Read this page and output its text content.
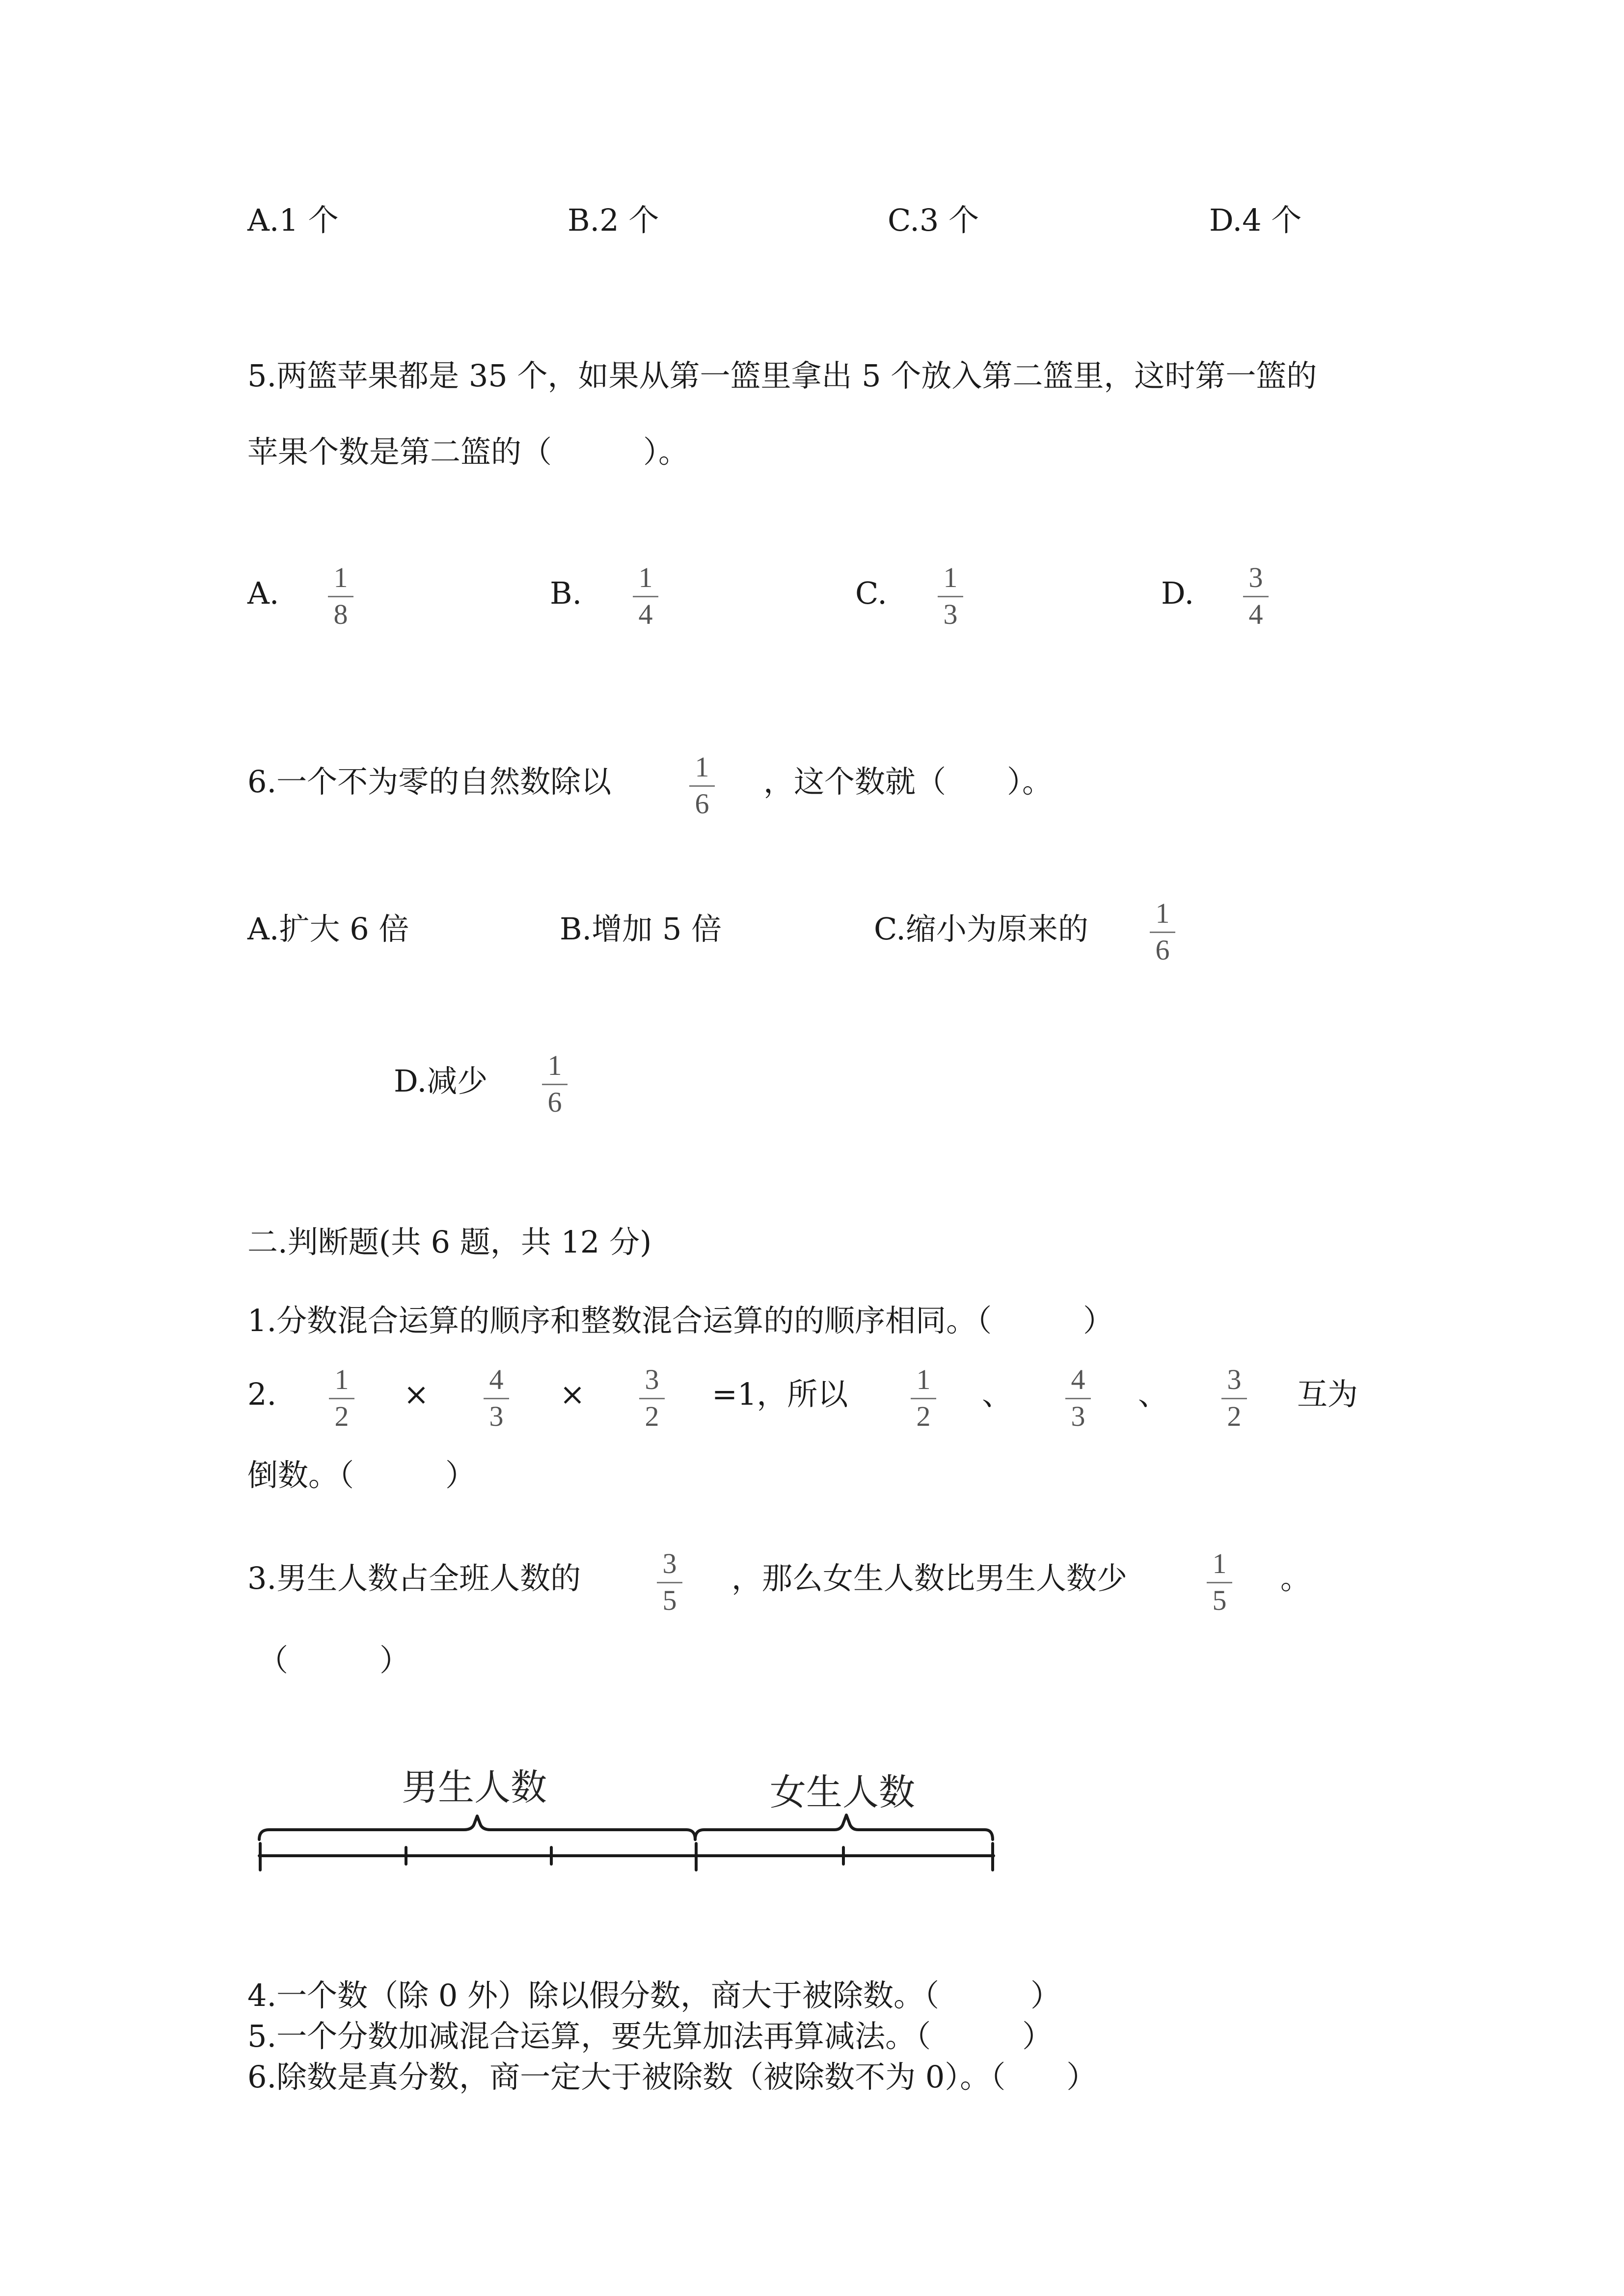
A.1 个	B.2 个	C.3 个	D.4 个
5.两篮苹果都是 35 个，如果从第一篮里拿出 5 个放入第二篮里，这时第一篮的
苹果个数是第二篮的（　　　）。
A. 1
8
B. 1
4
C. 1
3
D. 3
4
6.一个不为零的自然数除以	1
6
，这个数就（　　）。
A.扩大 6 倍	B.增加 5 倍	C.缩小为原来的 1
6
D.减少 1
6
二.判断题(共 6 题，共 12 分)
1.分数混合运算的顺序和整数混合运算的的顺序相同。（　　　）
2. 1
2
× 4
3
× 3
2
=1，所以 1
2
、 4
3
、 3
2
互为
倒数。（　　　）
3.男生人数占全班人数的	3
5
，那么女生人数比男生人数少	1
5
。
（　　　）
男生人数	女生人数
4.一个数（除 0 外）除以假分数，商大于被除数。（　　　）
5.一个分数加减混合运算，要先算加法再算减法。（　　　）
6.除数是真分数，商一定大于被除数（被除数不为 0）。（　　）
